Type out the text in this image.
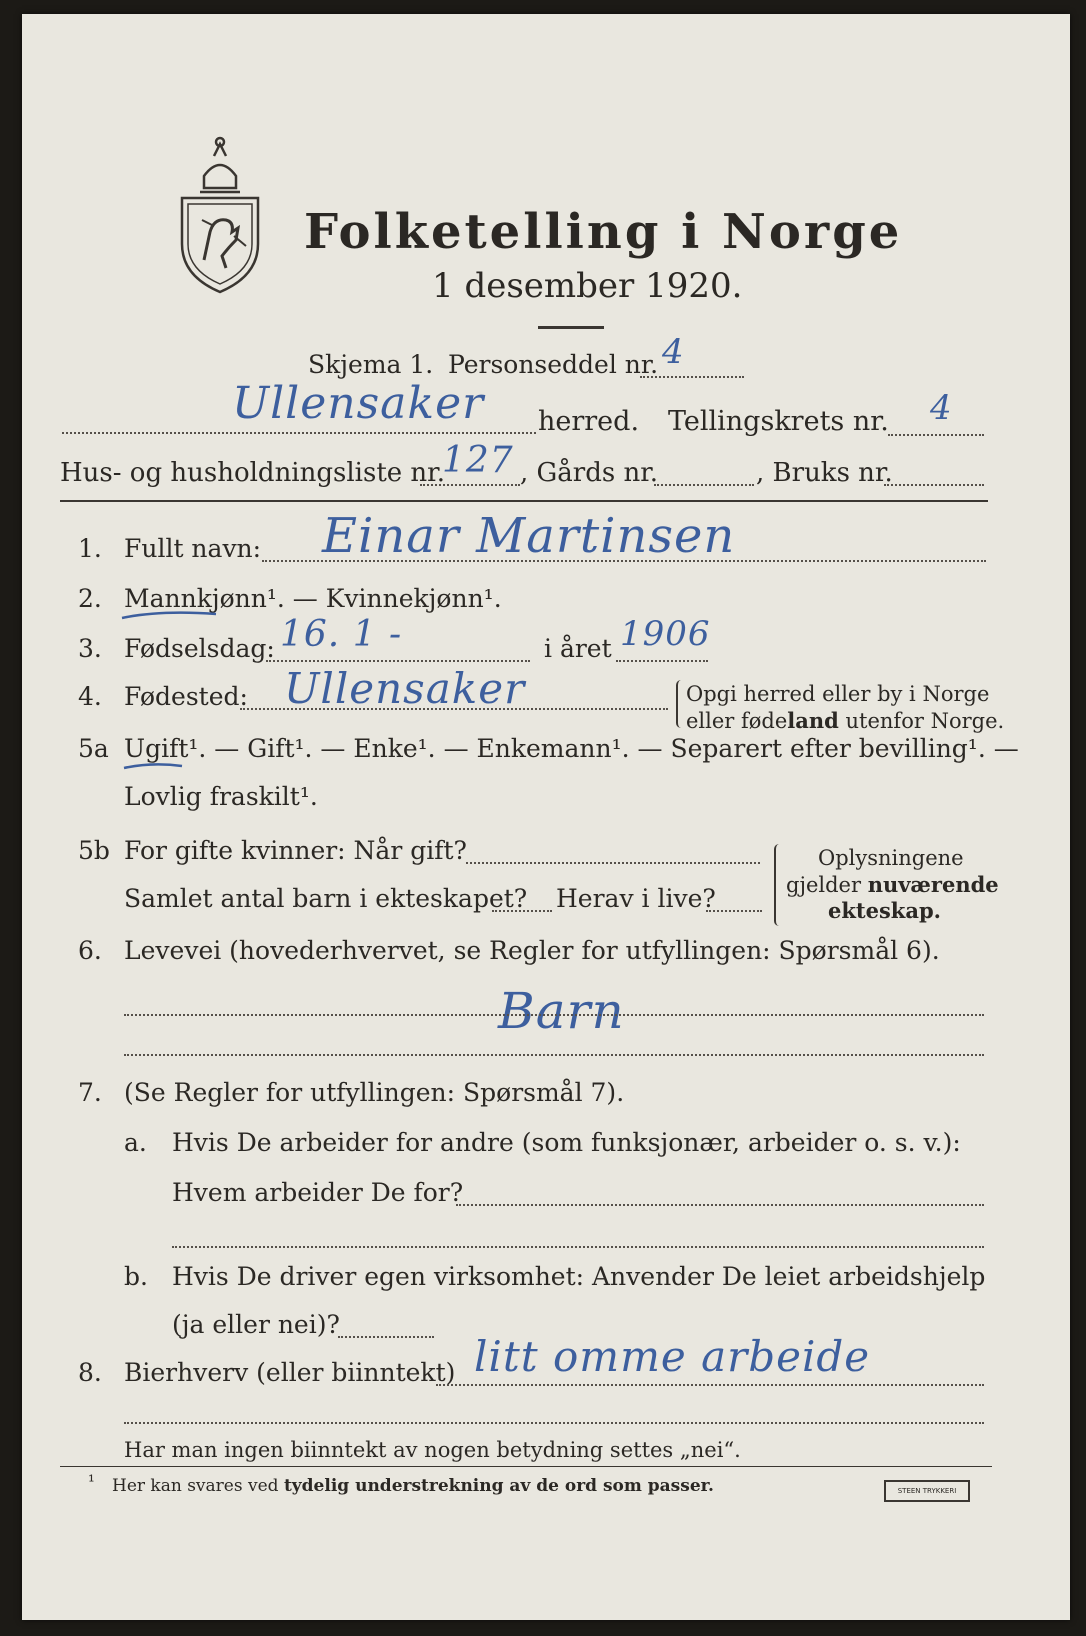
Folketelling i Norge
1 desember 1920.
Skjema 1. Personseddel nr. 4
Ullensaker herred. Tellingskrets nr. 4
Hus- og husholdningsliste nr.
127 , Gårds nr.	, Bruks nr.
1. Fullt navn: Einar Martinsen
2. Mannkjønn¹. — Kvinnekjønn¹.
3. Fødselsdag: 16. 1 -	i året 1906
4. Fødested: Ullensaker	Opgi herred eller by i Norge
eller fødeland utenfor Norge.
5a Ugift¹. — Gift¹. — Enke¹. — Enkemann¹. — Separert efter bevilling¹. —
Lovlig fraskilt¹.
5b For gifte kvinner: Når gift?
Samlet antal barn i ekteskapet? Herav i live?
Oplysningene
gjelder nuværende
ekteskap.
6. Levevei (hovederhvervet, se Regler for utfyllingen: Spørsmål 6).
Barn
7. (Se Regler for utfyllingen: Spørsmål 7).
a. Hvis De arbeider for andre (som funksjonær, arbeider o. s. v.):
Hvem arbeider De for?
b. Hvis De driver egen virksomhet: Anvender De leiet arbeidshjelp
(ja eller nei)?
8. Bierhverv (eller biinntekt) litt omme arbeide
Har man ingen biinntekt av nogen betydning settes „nei“.
¹ Her kan svares ved tydelig understrekning av de ord som passer.	STEEN TRYKKERI
